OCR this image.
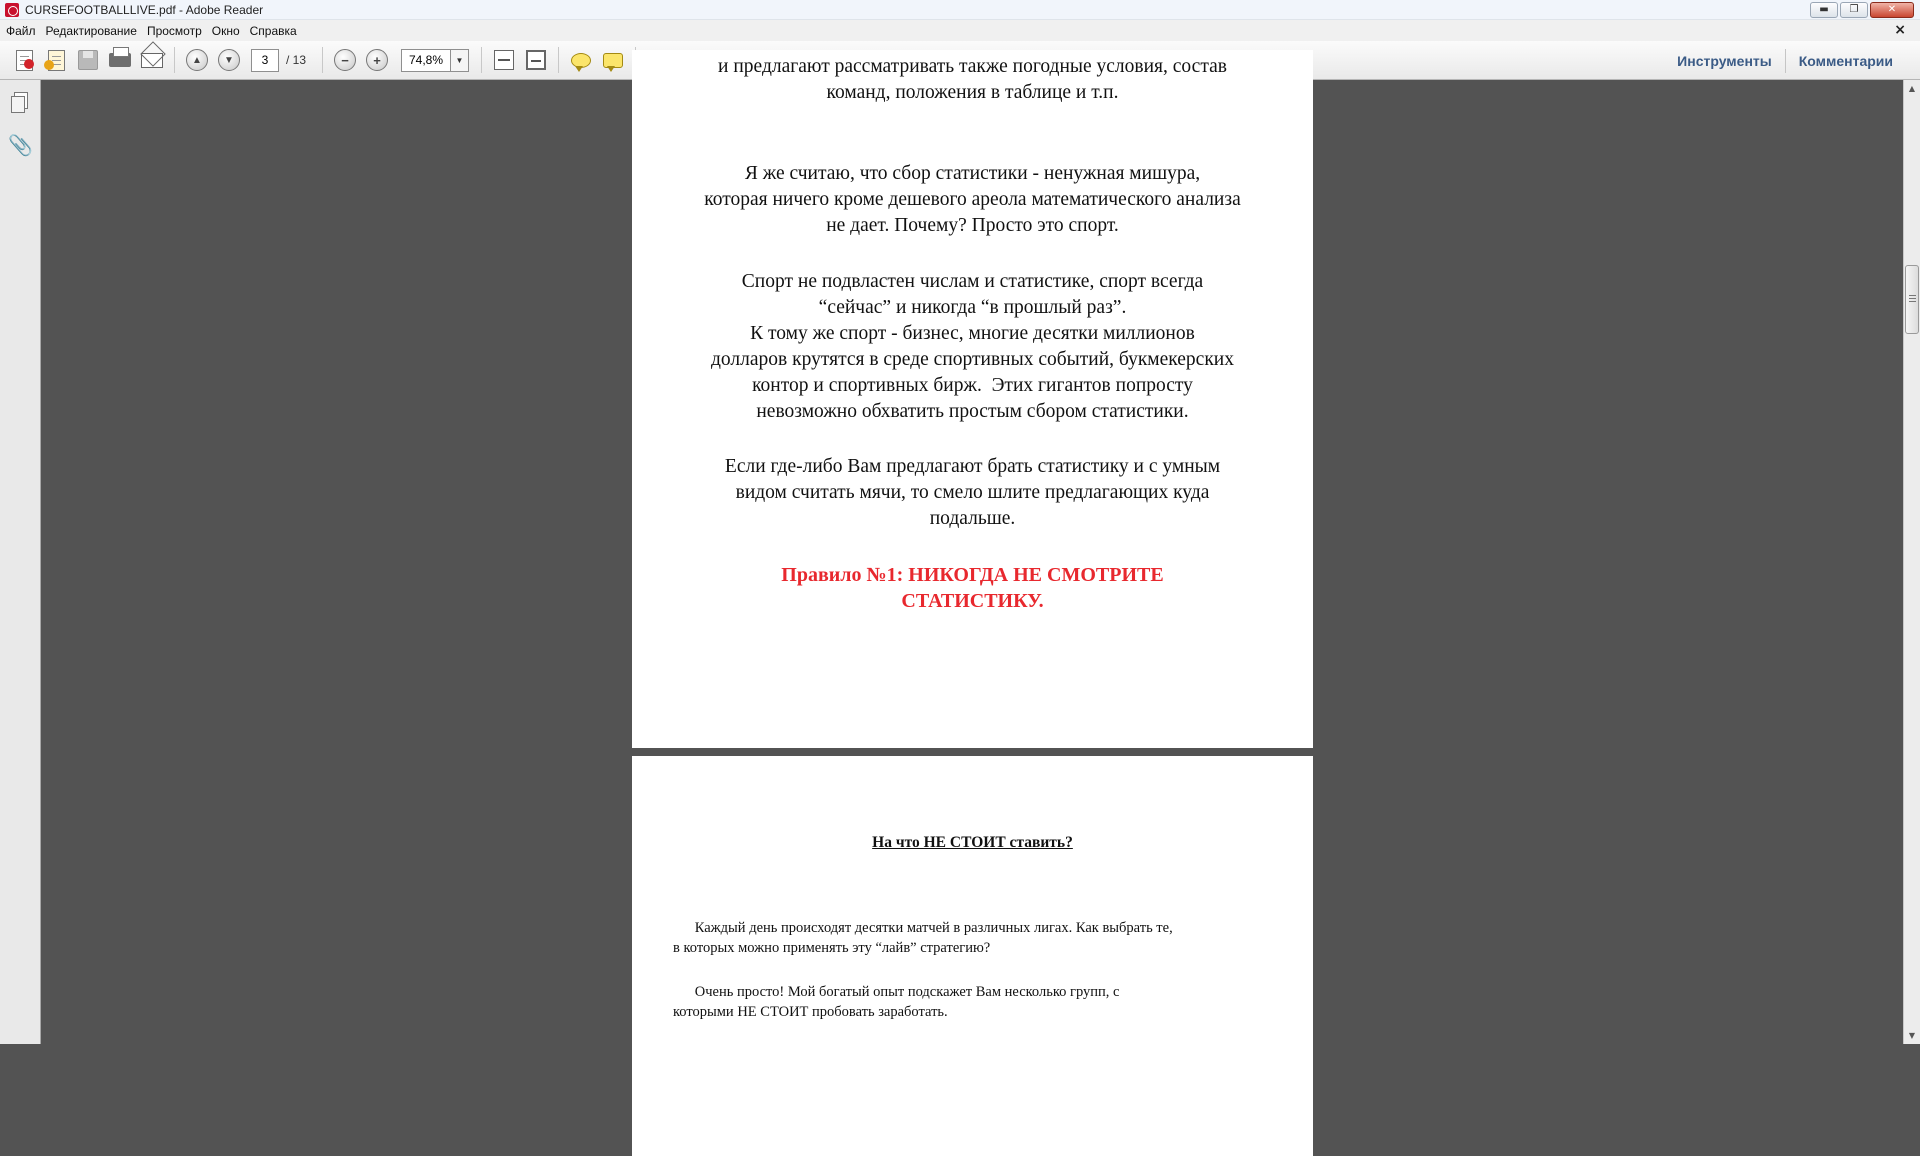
CURSEFOOTBALLLIVE.pdf - Adobe Reader	▬	❐	✕
Файл Редактирование Просмотр Окно Справка	×
▲	▼	3	/ 13	−	+	74,8%	▼	Инструменты	Комментарии
📎
и предлагают рассматривать также погодные условия, состав
команд, положения в таблице и т.п.
Я же считаю, что сбор статистики - ненужная мишура,
которая ничего кроме дешевого ареола математического анализа
не дает. Почему? Просто это спорт.
Спорт не подвластен числам и статистике, спорт всегда
“сейчас” и никогда “в прошлый раз”.
К тому же спорт - бизнес, многие десятки миллионов
долларов крутятся в среде спортивных событий, букмекерских
контор и спортивных бирж.  Этих гигантов попросту
невозможно обхватить простым сбором статистики.
Если где-либо Вам предлагают брать статистику и с умным
видом считать мячи, то смело шлите предлагающих куда
подальше.
Правило №1: НИКОГДА НЕ СМОТРИТЕ
СТАТИСТИКУ.
На что НЕ СТОИТ ставить?
Каждый день происходят десятки матчей в различных лигах. Как выбрать те,
в которых можно применять эту “лайв” стратегию?
Очень просто! Мой богатый опыт подскажет Вам несколько групп, с
которыми НЕ СТОИТ пробовать заработать.
▲
▼
